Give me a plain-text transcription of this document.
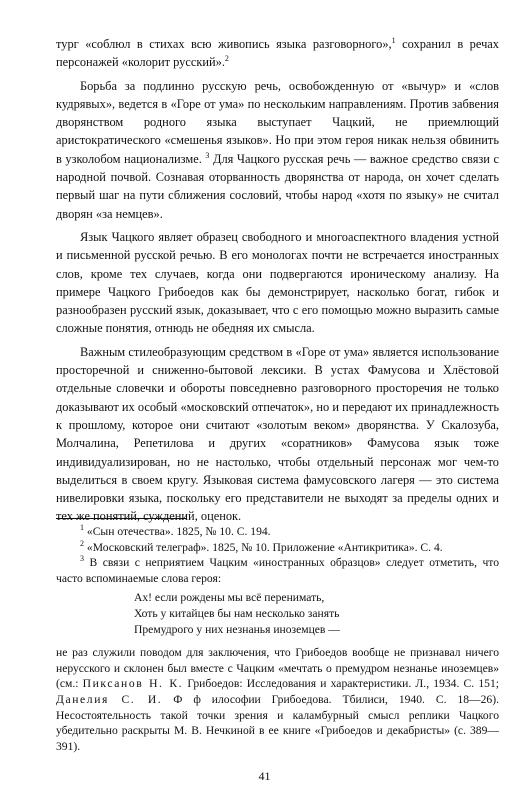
тург «соблюл в стихах всю живопись языка разговорного»,$^1$ сохранил в речах персонажей «колорит русский».$^2$

Борьба за подлинно русскую речь, освобожденную от «вычур» и «слов кудрявых», ведется в «Горе от ума» по нескольким направлениям. Против забвения дворянством родного языка выступает Чацкий, не приемлющий аристократического «смешенья языков». Но при этом героя никак нельзя обвинить в узколобом национализме. $^3$ Для Чацкого русская речь — важное средство связи с народной почвой. Сознавая оторванность дворянства от народа, он хочет сделать первый шаг на пути сближения сословий, чтобы народ «хотя по языку» не считал дворян «за немцев».

Язык Чацкого являет образец свободного и многоаспектного владения устной и письменной русской речью. В его монологах почти не встречается иностранных слов, кроме тех случаев, когда они подвергаются ироническому анализу. На примере Чацкого Грибоедов как бы демонстрирует, насколько богат, гибок и разнообразен русский язык, доказывает, что с его помощью можно выразить самые сложные понятия, отнюдь не обедняя их смысла.

Важным стилеобразующим средством в «Горе от ума» является использование просторечной и сниженно-бытовой лексики. В устах Фамусова и Хлёстовой отдельные словечки и обороты повседневно разговорного просторечия не только доказывают их особый «московский отпечаток», но и передают их принадлежность к прошлому, которое они считают «золотым веком» дворянства. У Скалозуба, Молчалина, Репетилова и других «соратников» Фамусова язык тоже индивидуализирован, но не настолько, чтобы отдельный персонаж мог чем-то выделиться в своем кругу. Языковая система фамусовского лагеря — это система нивелировки языка, поскольку его представители не выходят за пределы одних и тех же понятий, суждений, оценок.

$^1$ «Сын отечества». 1825, № 10. С. 194.

$^2$ «Московский телеграф». 1825, № 10. Приложение «Антикритика». С. 4.

$^3$ В связи с неприятием Чацким «иностранных образцов» следует отметить, что часто вспоминаемые слова героя:

Ах! если рождены мы всё перенимать,
Хоть у китайцев бы нам несколько занять
Премудрого у них незнанья иноземцев —

не раз служили поводом для заключения, что Грибоедов вообще не признавал ничего нерусского и склонен был вместе с Чацким «мечтать о премудром незнанье иноземцев» (см.: Пиксанов Н. К. Грибоедов: Исследования и характеристики. Л., 1934. С. 151; Данелия С. И. Ф ф илософии Грибоедова. Тбилиси, 1940. С. 18—26). Несостоятельность такой точки зрения и каламбурный смысл реплики Чацкого убедительно раскрыты М. В. Нечкиной в ее книге «Грибоедов и декабристы» (с. 389—391).

41
